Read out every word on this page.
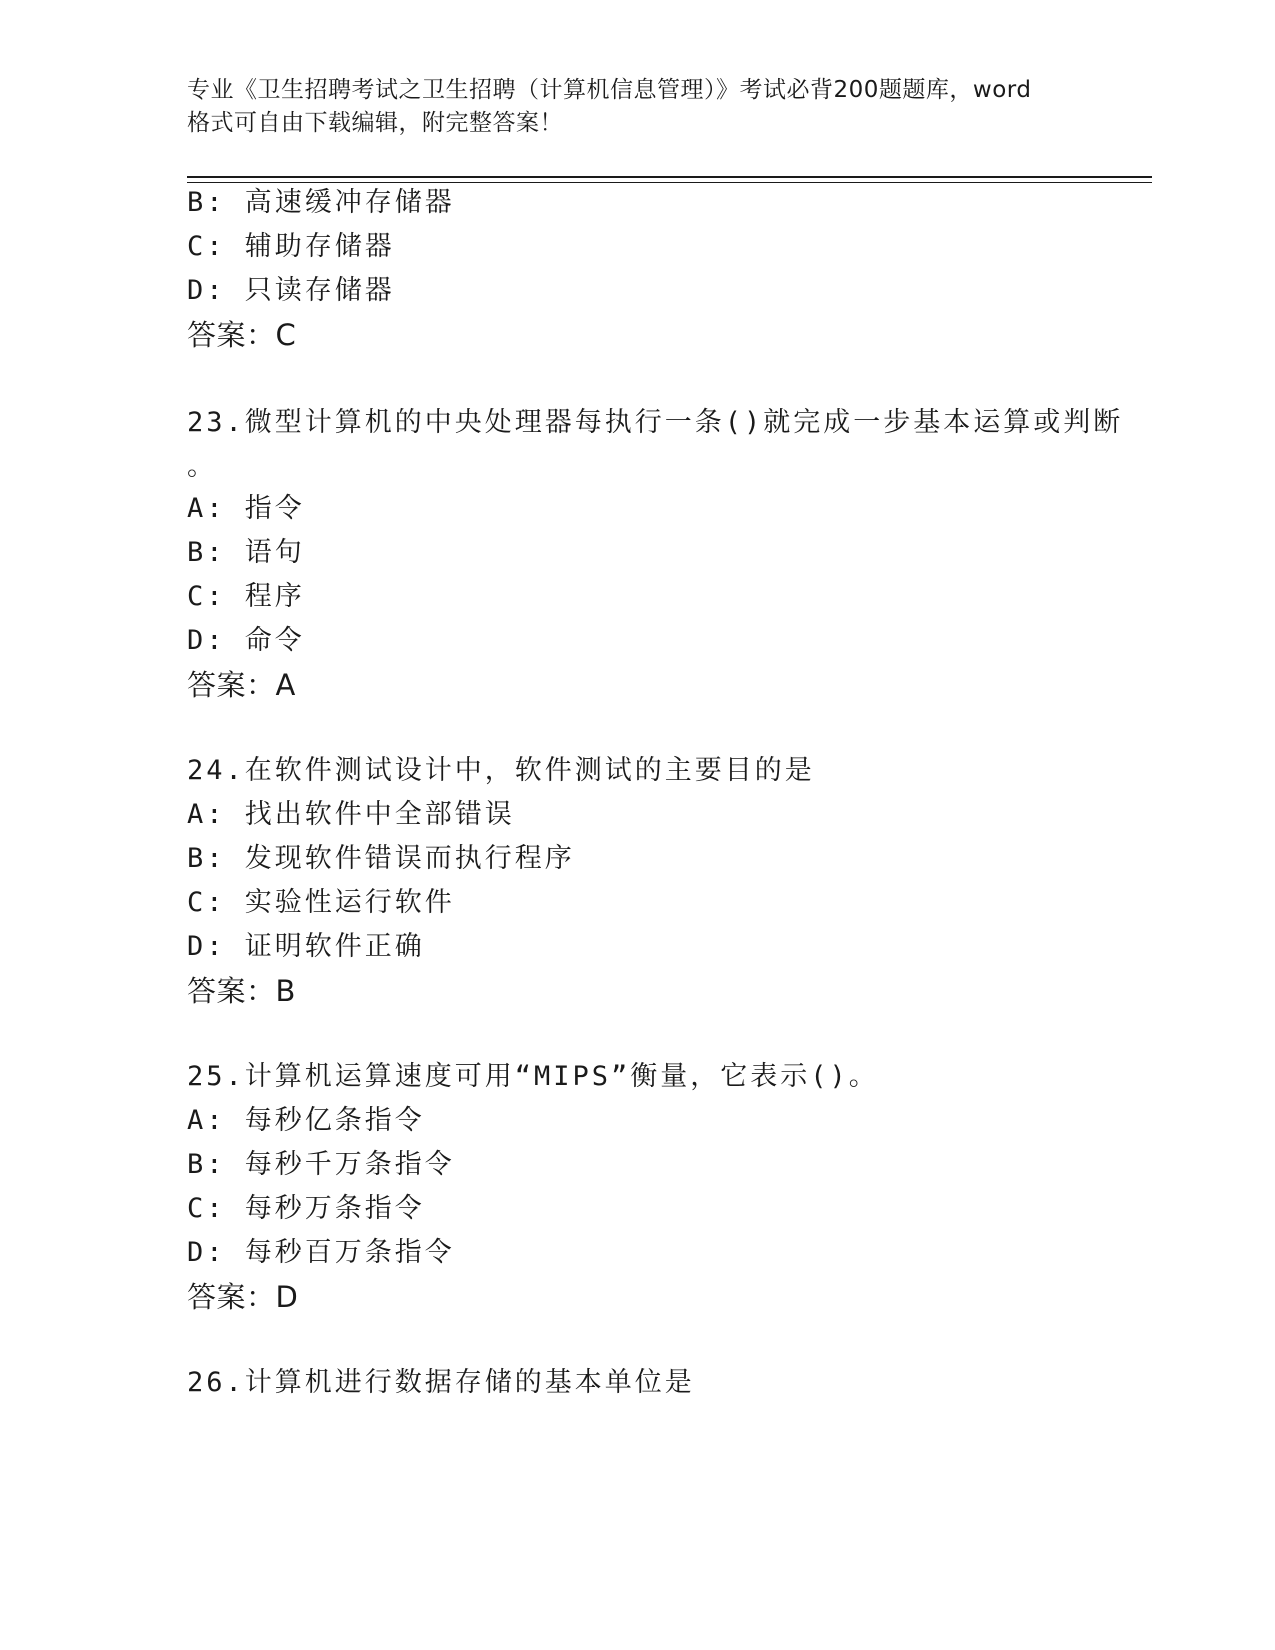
专业《卫生招聘考试之卫生招聘（计算机信息管理）》考试必背200题题库，word
格式可自由下载编辑，附完整答案！
B: 高速缓冲存储器
C: 辅助存储器
D: 只读存储器
答案：C
23.微型计算机的中央处理器每执行一条()就完成一步基本运算或判断
。
A: 指令
B: 语句
C: 程序
D: 命令
答案：A
24.在软件测试设计中，软件测试的主要目的是
A: 找出软件中全部错误
B: 发现软件错误而执行程序
C: 实验性运行软件
D: 证明软件正确
答案：B
25.计算机运算速度可用“MIPS”衡量，它表示()。
A: 每秒亿条指令
B: 每秒千万条指令
C: 每秒万条指令
D: 每秒百万条指令
答案：D
26.计算机进行数据存储的基本单位是
